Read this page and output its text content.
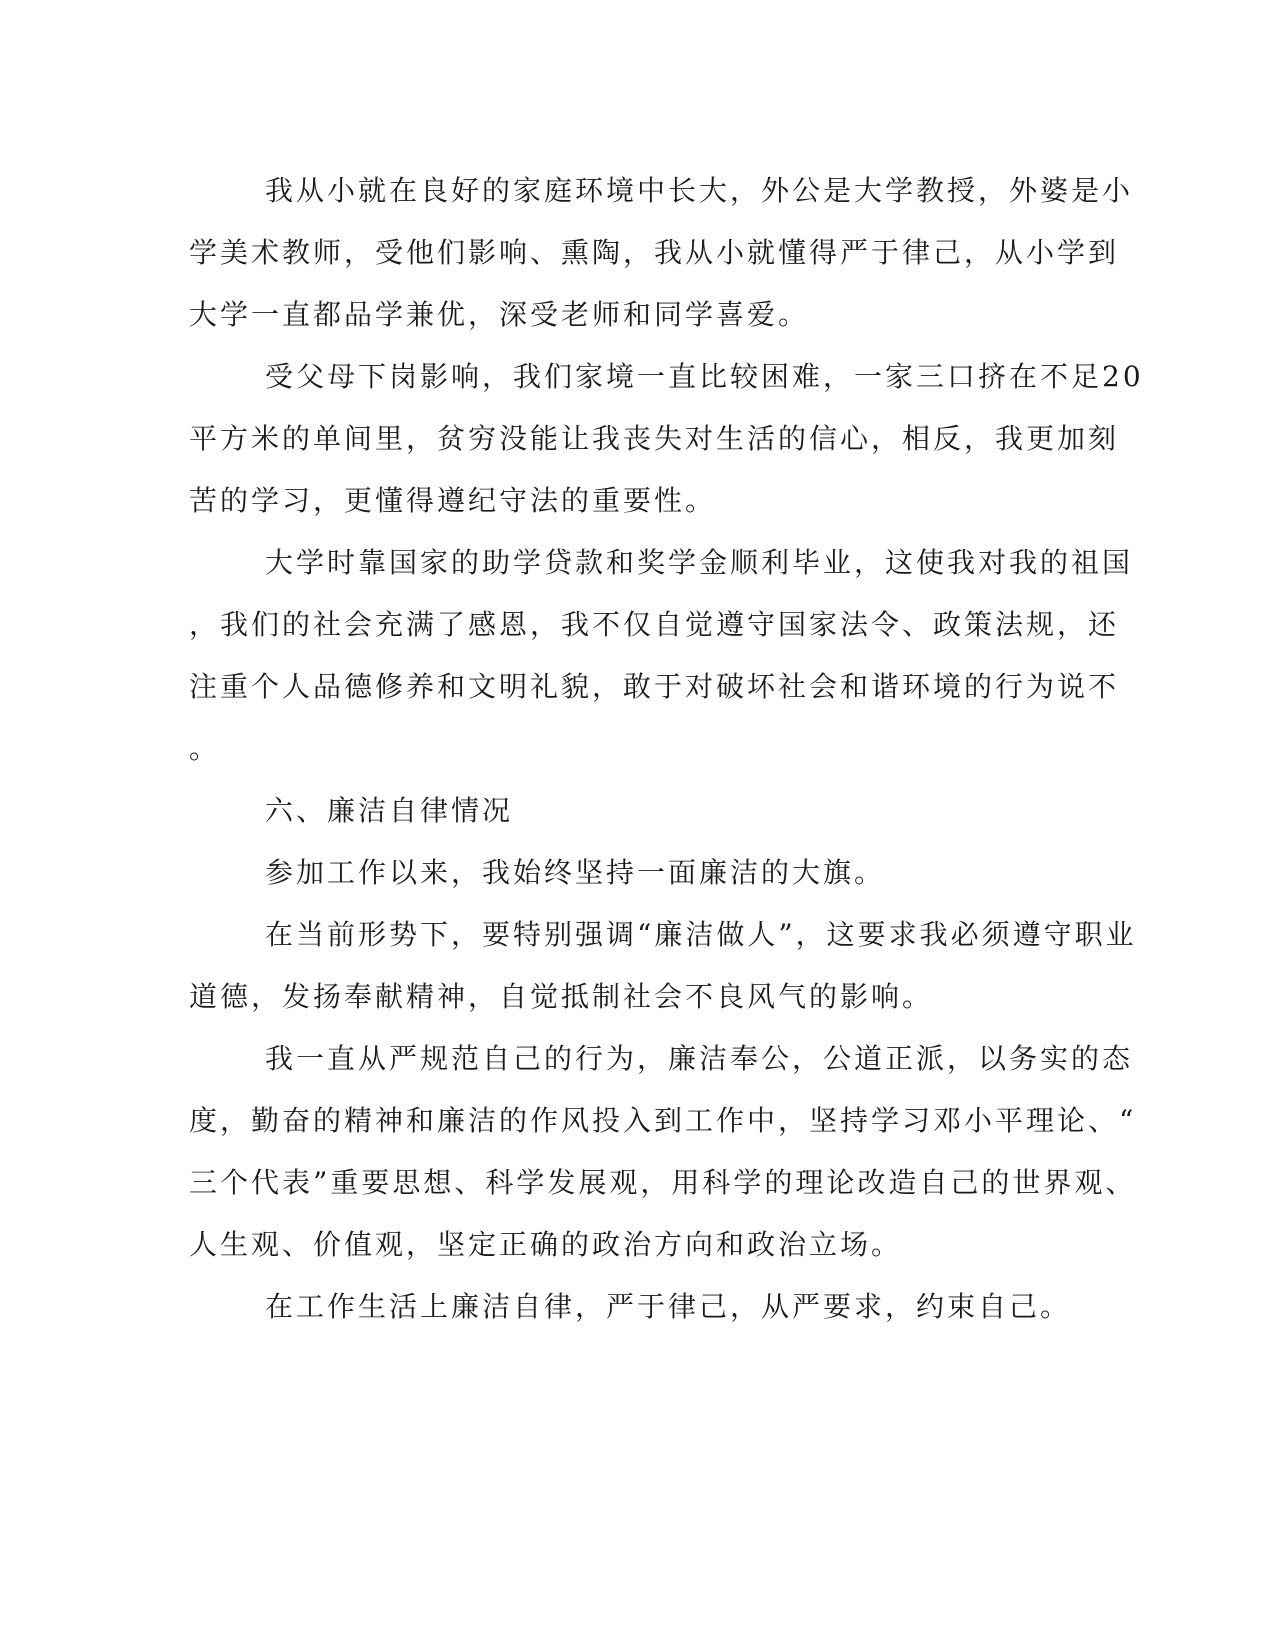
我从小就在良好的家庭环境中长大，外公是大学教授，外婆是小
学美术教师，受他们影响、熏陶，我从小就懂得严于律己，从小学到
大学一直都品学兼优，深受老师和同学喜爱。
受父母下岗影响，我们家境一直比较困难，一家三口挤在不足20
平方米的单间里，贫穷没能让我丧失对生活的信心，相反，我更加刻
苦的学习，更懂得遵纪守法的重要性。
大学时靠国家的助学贷款和奖学金顺利毕业，这使我对我的祖国
，我们的社会充满了感恩，我不仅自觉遵守国家法令、政策法规，还
注重个人品德修养和文明礼貌，敢于对破坏社会和谐环境的行为说不
。
六、廉洁自律情况
参加工作以来，我始终坚持一面廉洁的大旗。
在当前形势下，要特别强调“廉洁做人”，这要求我必须遵守职业
道德，发扬奉献精神，自觉抵制社会不良风气的影响。
我一直从严规范自己的行为，廉洁奉公，公道正派，以务实的态
度，勤奋的精神和廉洁的作风投入到工作中，坚持学习邓小平理论、“
三个代表”重要思想、科学发展观，用科学的理论改造自己的世界观、
人生观、价值观，坚定正确的政治方向和政治立场。
在工作生活上廉洁自律，严于律己，从严要求，约束自己。
